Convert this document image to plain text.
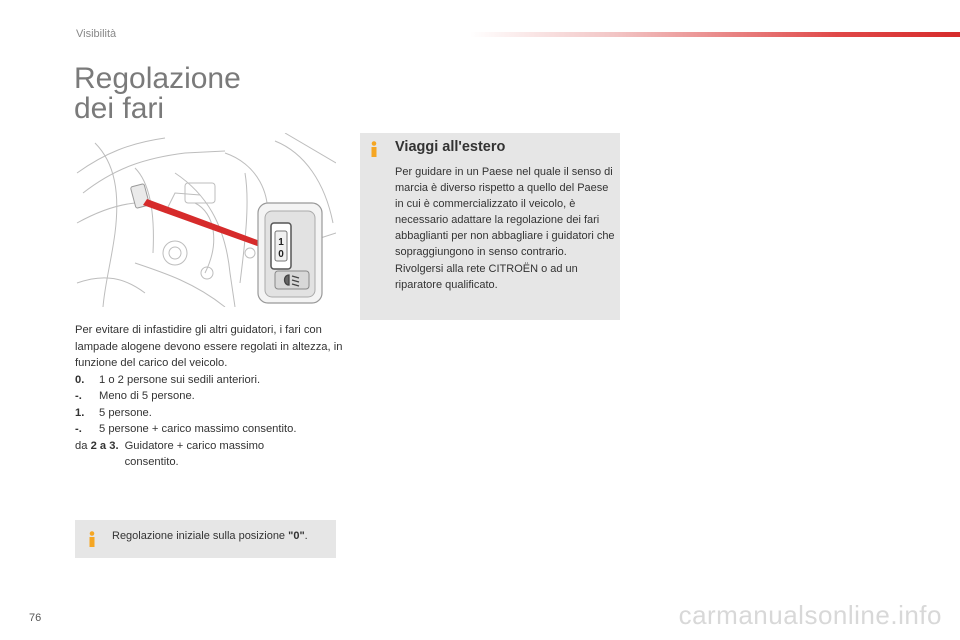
Visibilità
Regolazione
dei fari
1
0

Per evitare di infastidire gli altri guidatori, i fari con lampade alogene devono essere regolati in altezza, in funzione del carico del veicolo.

0.	1 o 2 persone sui sedili anteriori.
-.	Meno di 5 persone.
1.	5 persone.
-.	5 persone + carico massimo consentito.
da 2 a 3. Guidatore + carico massimo consentito.
Regolazione iniziale sulla posizione "0".
Viaggi all'estero
Per guidare in un Paese nel quale il senso di marcia è diverso rispetto a quello del Paese in cui è commercializzato il veicolo, è necessario adattare la regolazione dei fari abbaglianti per non abbagliare i guidatori che sopraggiungono in senso contrario. Rivolgersi alla rete CITROËN o ad un riparatore qualificato.
76	carmanualsonline.info
